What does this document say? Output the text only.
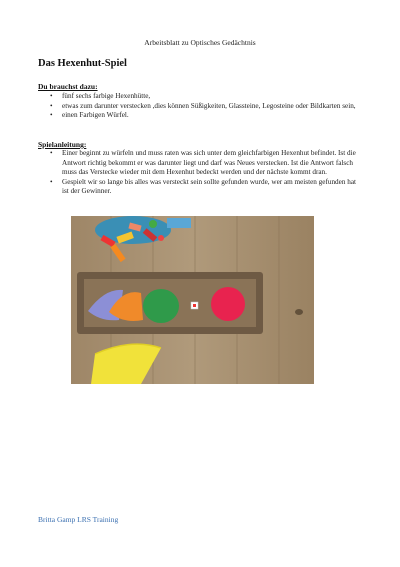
Arbeitsblatt zu Optisches Gedächtnis
Das Hexenhut-Spiel
Du brauchst dazu:
• fünf sechs farbige Hexenhütte,
• etwas zum darunter verstecken ,dies können Süßigkeiten, Glassteine, Legosteine oder Bildkarten sein,
• einen Farbigen Würfel.
Spielanleitung:
• Einer beginnt zu würfeln und muss raten was sich unter dem gleichfarbigen Hexenhut befindet. Ist die Antwort richtig bekommt er was darunter liegt und darf was Neues verstecken. Ist die Antwort falsch muss das Verstecke wieder mit dem Hexenhut bedeckt werden und der nächste kommt dran.
• Gespielt wir so lange bis alles was versteckt sein sollte gefunden wurde, wer am meisten gefunden hat ist der Gewinner.
Britta Gamp LRS Training
